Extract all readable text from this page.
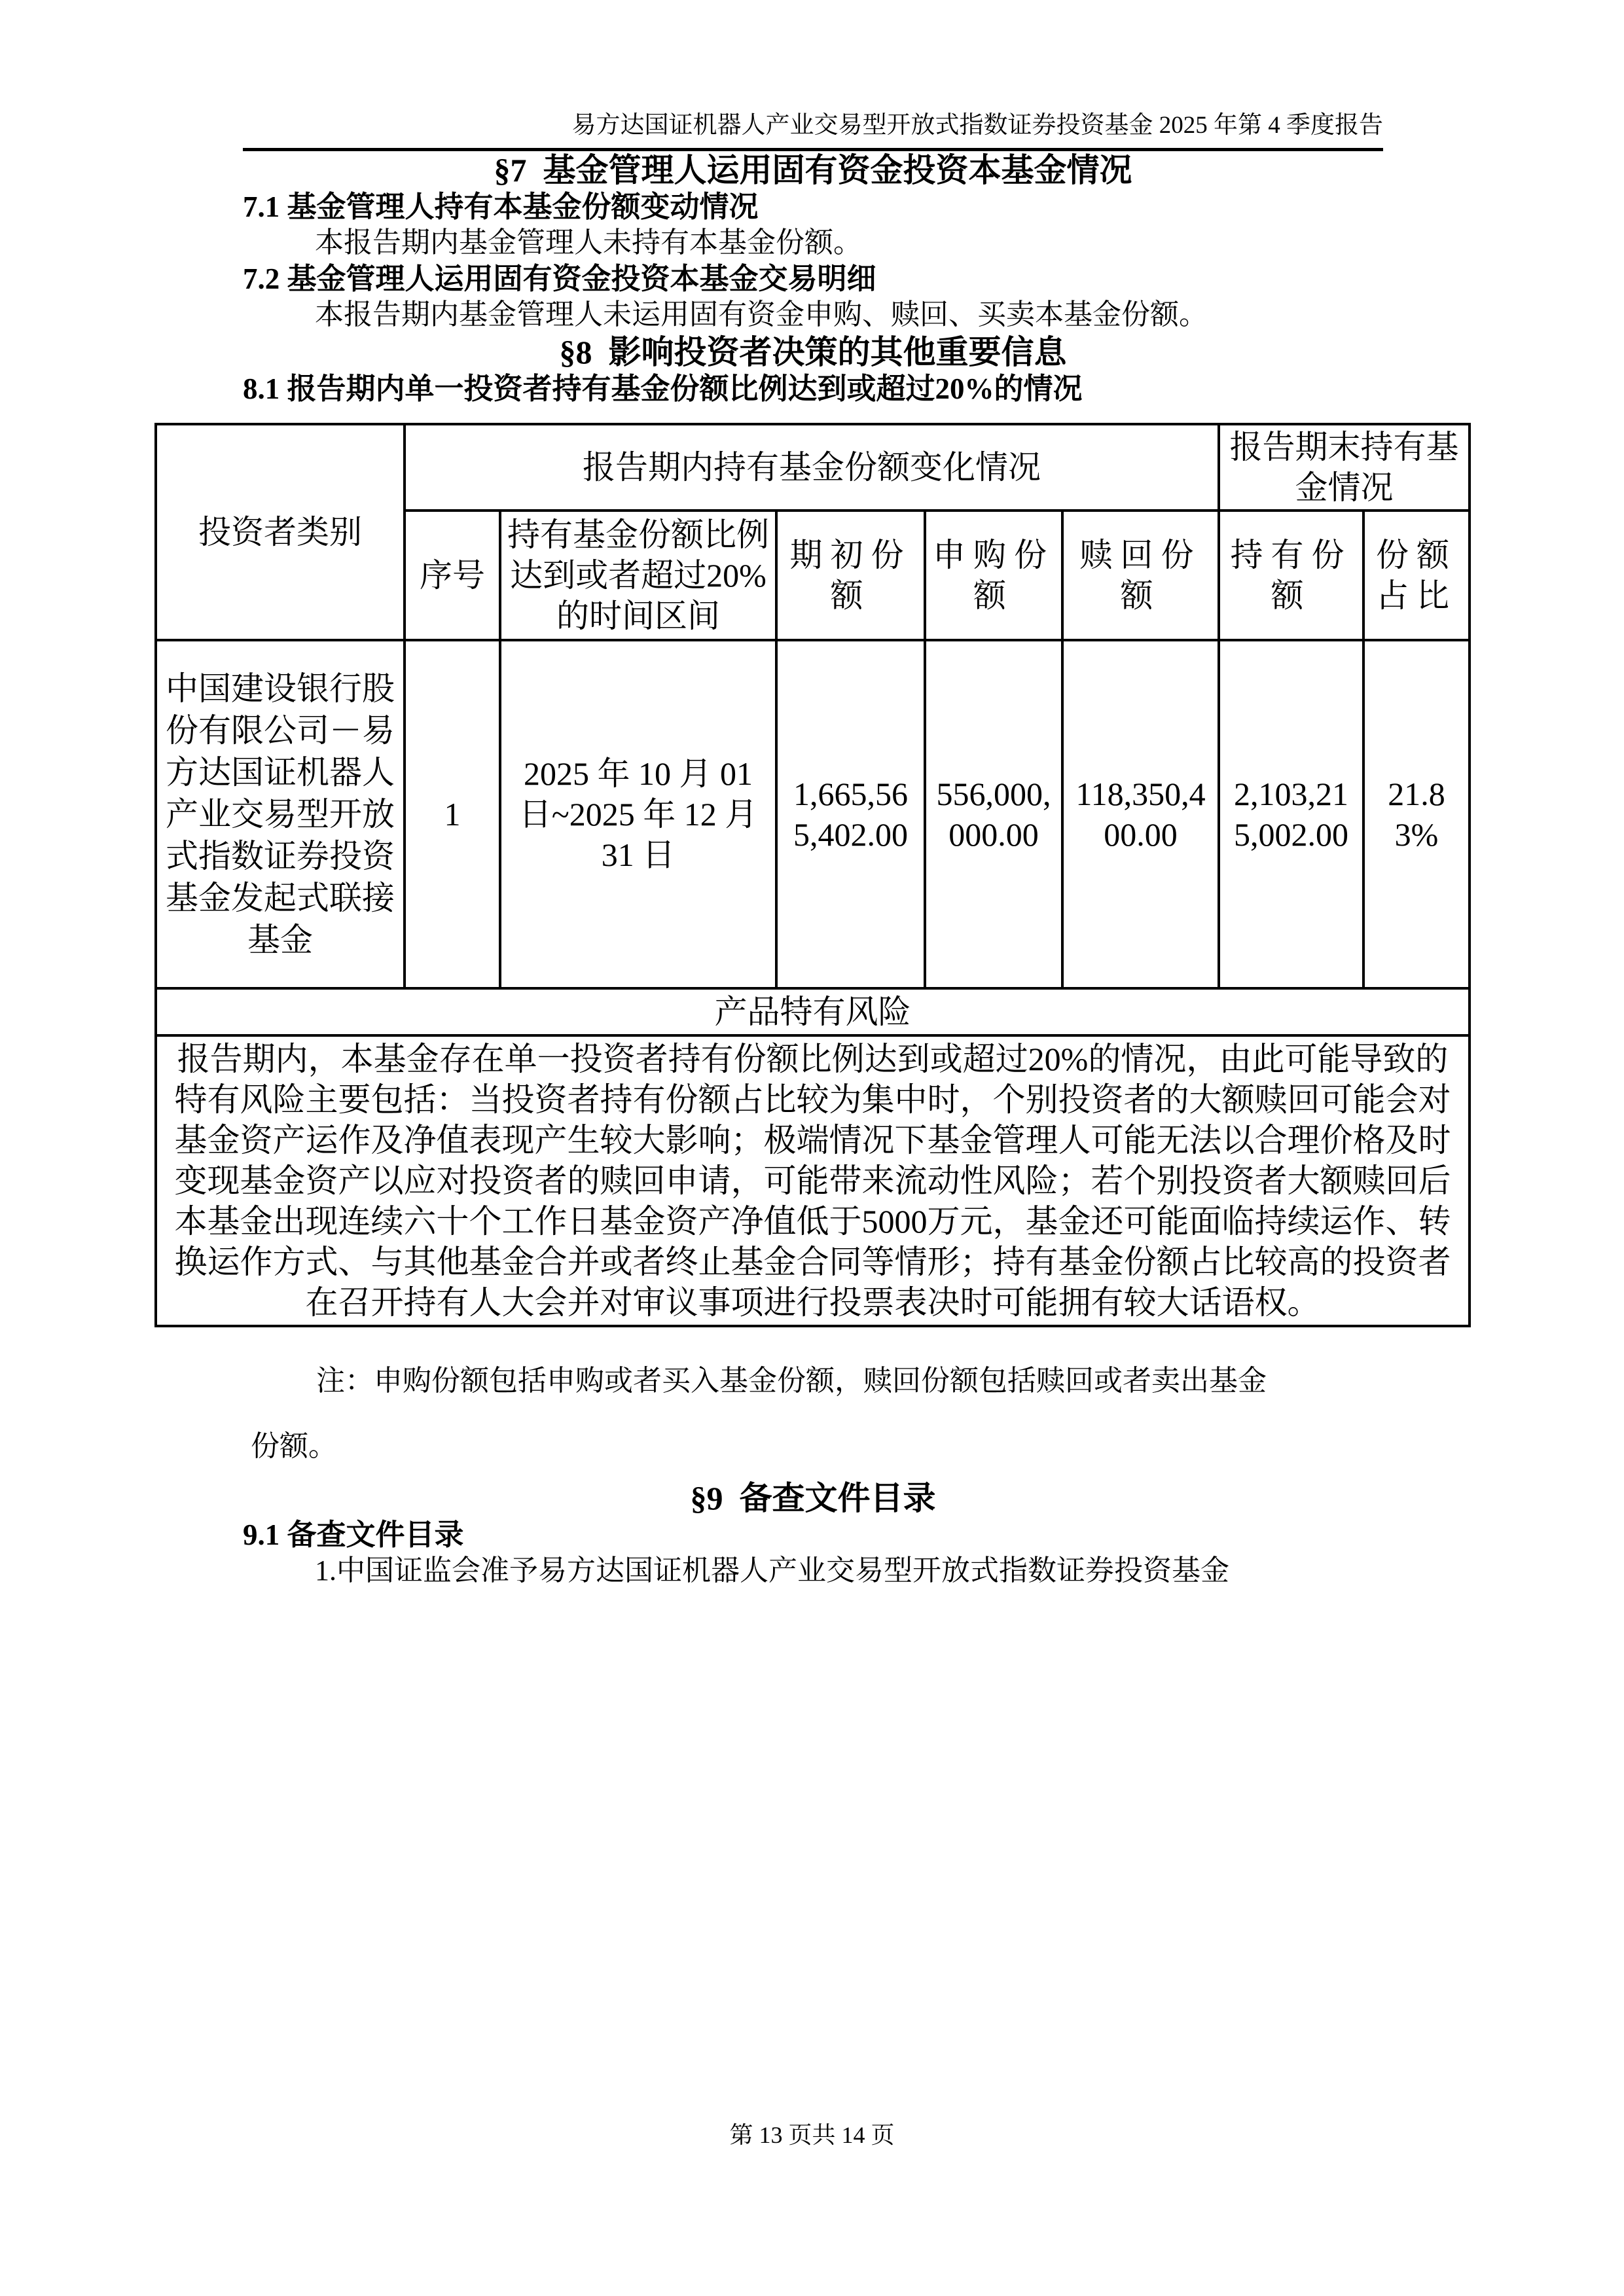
易方达国证机器人产业交易型开放式指数证券投资基金 2025 年第 4 季度报告
§7  基金管理人运用固有资金投资本基金情况
7.1 基金管理人持有本基金份额变动情况

本报告期内基金管理人未持有本基金份额。

7.2 基金管理人运用固有资金投资本基金交易明细

本报告期内基金管理人未运用固有资金申购、赎回、买卖本基金份额。

§8  影响投资者决策的其他重要信息
8.1 报告期内单一投资者持有基金份额比例达到或超过20%的情况
投资者类别	报告期内持有基金份额变化情况					报告期末持有基金情况	
	序号	持有基金份额比例达到或者超过20%的时间区间	期初份额	申购份额	赎回份额	持有份额	份额占比
中国建设银行股份有限公司－易方达国证机器人产业交易型开放式指数证券投资基金发起式联接基金	1	2025 年 10 月 01 日~2025 年 12 月 31 日	1,665,565,402.00	556,000,000.00	118,350,400.00	2,103,215,002.00	21.83%
产品特有风险							
报告期内，本基金存在单一投资者持有份额比例达到或超过20%的情况，由此可能导致的特有风险主要包括：当投资者持有份额占比较为集中时，个别投资者的大额赎回可能会对基金资产运作及净值表现产生较大影响；极端情况下基金管理人可能无法以合理价格及时变现基金资产以应对投资者的赎回申请，可能带来流动性风险；若个别投资者大额赎回后本基金出现连续六十个工作日基金资产净值低于5000万元，基金还可能面临持续运作、转换运作方式、与其他基金合并或者终止基金合同等情形；持有基金份额占比较高的投资者在召开持有人大会并对审议事项进行投票表决时可能拥有较大话语权。							

注：申购份额包括申购或者买入基金份额，赎回份额包括赎回或者卖出基金份额。

§9  备查文件目录
9.1 备查文件目录

1.中国证监会准予易方达国证机器人产业交易型开放式指数证券投资基金

第 13 页共 14 页
